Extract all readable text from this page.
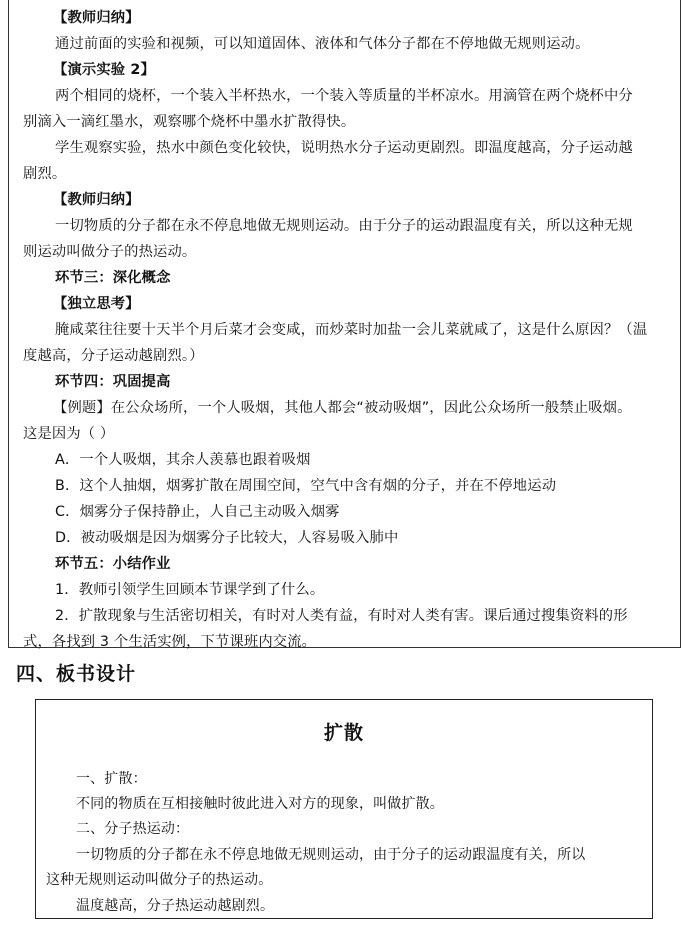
【教师归纳】
通过前面的实验和视频，可以知道固体、液体和气体分子都在不停地做无规则运动。
【演示实验 2】
两个相同的烧杯，一个装入半杯热水，一个装入等质量的半杯凉水。用滴管在两个烧杯中分
别滴入一滴红墨水，观察哪个烧杯中墨水扩散得快。
学生观察实验，热水中颜色变化较快，说明热水分子运动更剧烈。即温度越高，分子运动越
剧烈。
【教师归纳】
一切物质的分子都在永不停息地做无规则运动。由于分子的运动跟温度有关，所以这种无规
则运动叫做分子的热运动。
环节三：深化概念
【独立思考】
腌咸菜往往要十天半个月后菜才会变咸，而炒菜时加盐一会儿菜就咸了，这是什么原因？（温
度越高，分子运动越剧烈。）
环节四：巩固提高
【例题】在公众场所，一个人吸烟，其他人都会“被动吸烟”，因此公众场所一般禁止吸烟。
这是因为（ ）
A．一个人吸烟，其余人羡慕也跟着吸烟
B．这个人抽烟，烟雾扩散在周围空间，空气中含有烟的分子，并在不停地运动
C．烟雾分子保持静止，人自己主动吸入烟雾
D．被动吸烟是因为烟雾分子比较大，人容易吸入肺中
环节五：小结作业
1．教师引领学生回顾本节课学到了什么。
2．扩散现象与生活密切相关，有时对人类有益，有时对人类有害。课后通过搜集资料的形
式，各找到 3 个生活实例，下节课班内交流。
四、板书设计
扩散
一、扩散：
不同的物质在互相接触时彼此进入对方的现象，叫做扩散。
二、分子热运动：
一切物质的分子都在永不停息地做无规则运动，由于分子的运动跟温度有关，所以
这种无规则运动叫做分子的热运动。
温度越高，分子热运动越剧烈。
